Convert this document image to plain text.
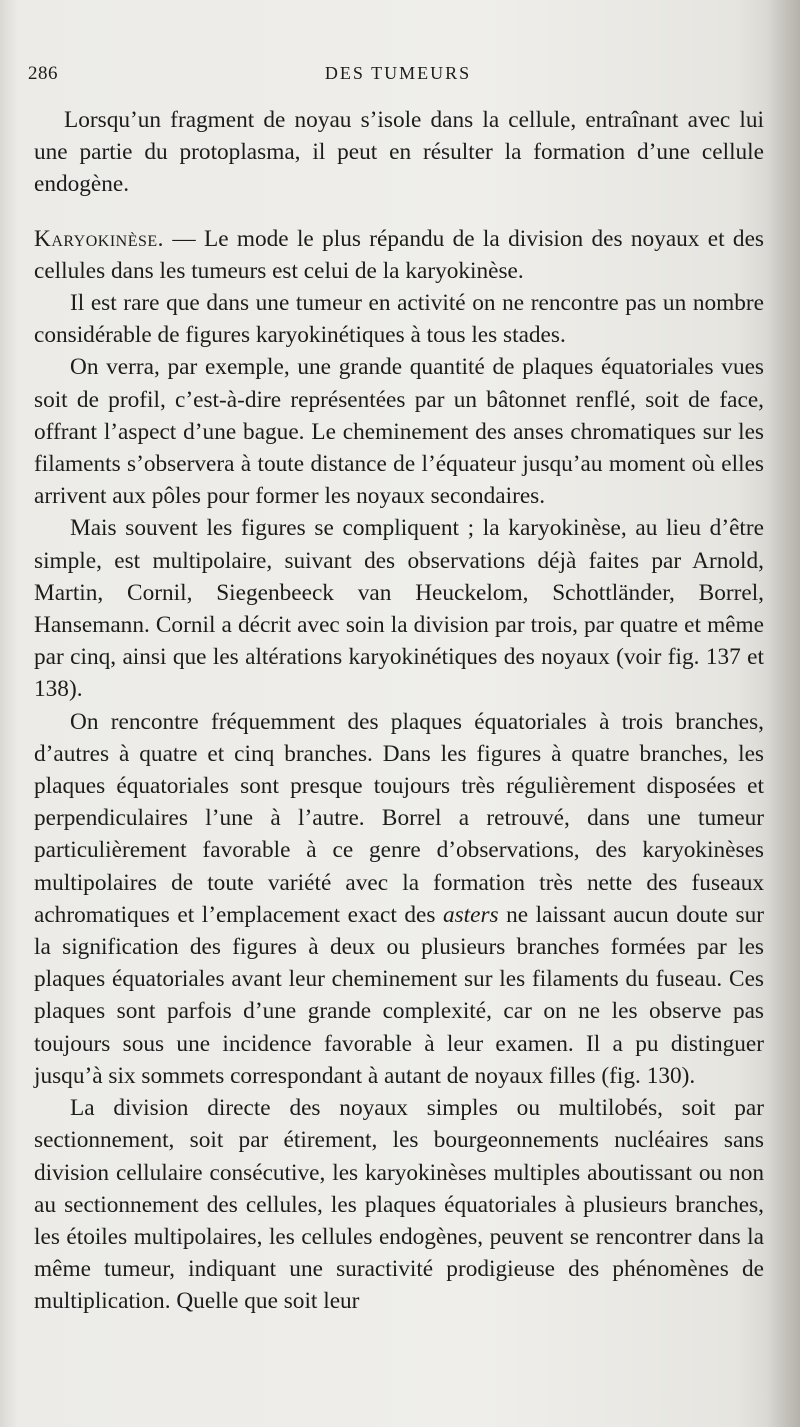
286	DES TUMEURS

Lorsqu’un fragment de noyau s’isole dans la cellule, entraînant avec lui une partie du protoplasma, il peut en résulter la formation d’une cellule endogène.

Karyokinèse. — Le mode le plus répandu de la division des noyaux et des cellules dans les tumeurs est celui de la karyokinèse.

Il est rare que dans une tumeur en activité on ne rencontre pas un nombre considérable de figures karyokinétiques à tous les stades.

On verra, par exemple, une grande quantité de plaques équatoriales vues soit de profil, c’est-à-dire représentées par un bâtonnet renflé, soit de face, offrant l’aspect d’une bague. Le cheminement des anses chromatiques sur les filaments s’observera à toute distance de l’équateur jusqu’au moment où elles arrivent aux pôles pour former les noyaux secondaires.

Mais souvent les figures se compliquent ; la karyokinèse, au lieu d’être simple, est multipolaire, suivant des observations déjà faites par Arnold, Martin, Cornil, Siegenbeeck van Heuckelom, Schottländer, Borrel, Hansemann. Cornil a décrit avec soin la division par trois, par quatre et même par cinq, ainsi que les altérations karyokinétiques des noyaux (voir fig. 137 et 138).

On rencontre fréquemment des plaques équatoriales à trois branches, d’autres à quatre et cinq branches. Dans les figures à quatre branches, les plaques équatoriales sont presque toujours très régulièrement disposées et perpendiculaires l’une à l’autre. Borrel a retrouvé, dans une tumeur particulièrement favorable à ce genre d’observations, des karyokinèses multipolaires de toute variété avec la formation très nette des fuseaux achromatiques et l’emplacement exact des asters ne laissant aucun doute sur la signification des figures à deux ou plusieurs branches formées par les plaques équatoriales avant leur cheminement sur les filaments du fuseau. Ces plaques sont parfois d’une grande complexité, car on ne les observe pas toujours sous une incidence favorable à leur examen. Il a pu distinguer jusqu’à six sommets correspondant à autant de noyaux filles (fig. 130).

La division directe des noyaux simples ou multilobés, soit par sectionnement, soit par étirement, les bourgeonnements nucléaires sans division cellulaire consécutive, les karyokinèses multiples aboutissant ou non au sectionnement des cellules, les plaques équatoriales à plusieurs branches, les étoiles multipolaires, les cellules endogènes, peuvent se rencontrer dans la même tumeur, indiquant une suractivité prodigieuse des phénomènes de multiplication. Quelle que soit leur
